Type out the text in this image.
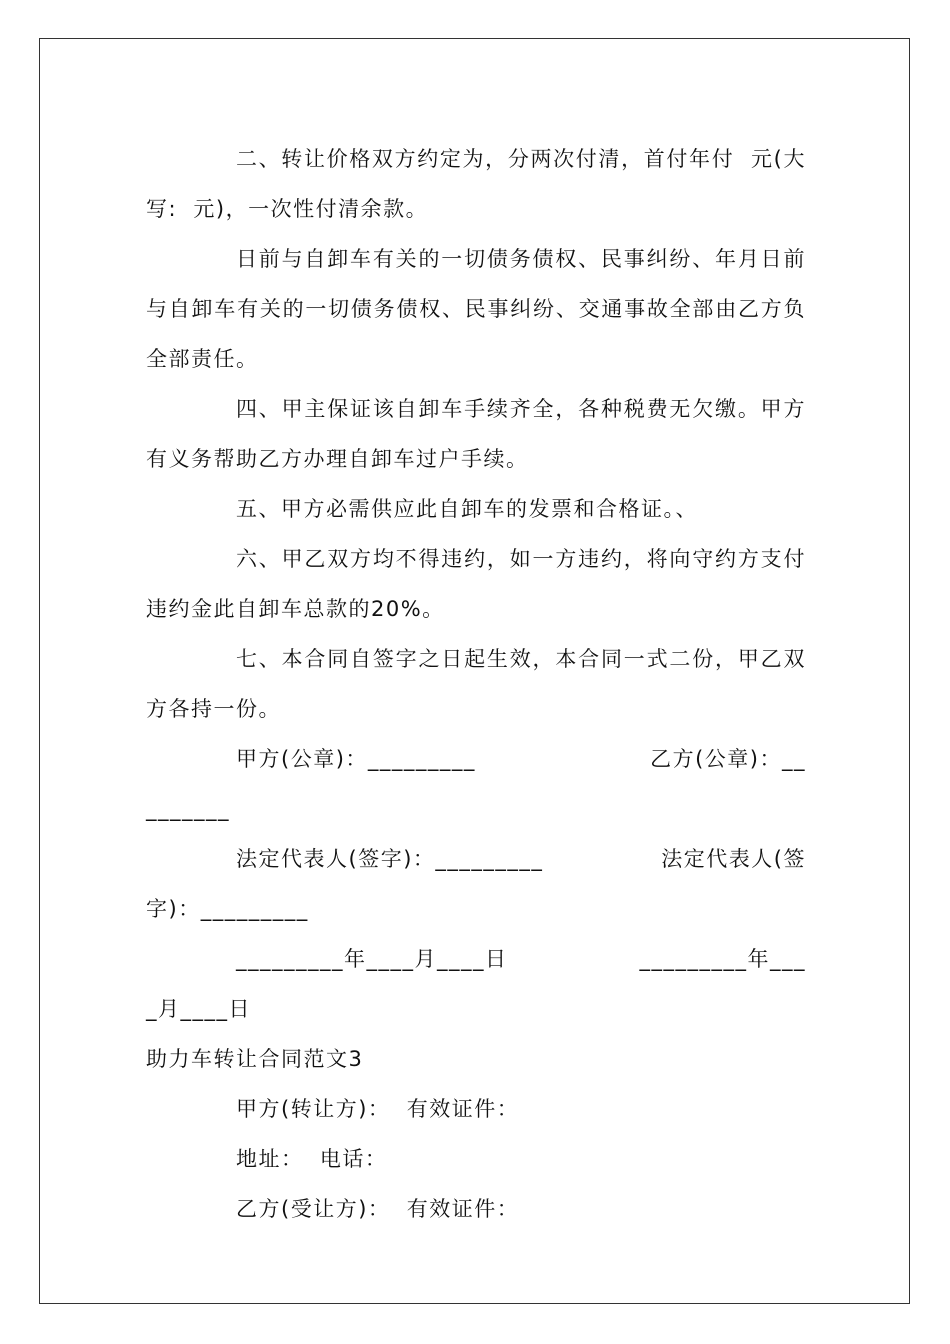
二、转让价格双方约定为，分两次付清，首付年付  元(大写:  元)，一次性付清余款。

日前与自卸车有关的一切债务债权、民事纠纷、年月日前与自卸车有关的一切债务债权、民事纠纷、交通事故全部由乙方负全部责任。

四、甲主保证该自卸车手续齐全，各种税费无欠缴。甲方有义务帮助乙方办理自卸车过户手续。

五、甲方必需供应此自卸车的发票和合格证。、

六、甲乙双方均不得违约，如一方违约，将向守约方支付违约金此自卸车总款的20%。

七、本合同自签字之日起生效，本合同一式二份，甲乙双方各持一份。

甲方(公章)：_________	乙方(公章)：__
_______
法定代表人(签字)：_________	法定代表人(签
字)：_________
_________年____月____日	_________年___
_月____日

助力车转让合同范文3

甲方(转让方)：  有效证件：

地址：  电话：

乙方(受让方)：  有效证件：
